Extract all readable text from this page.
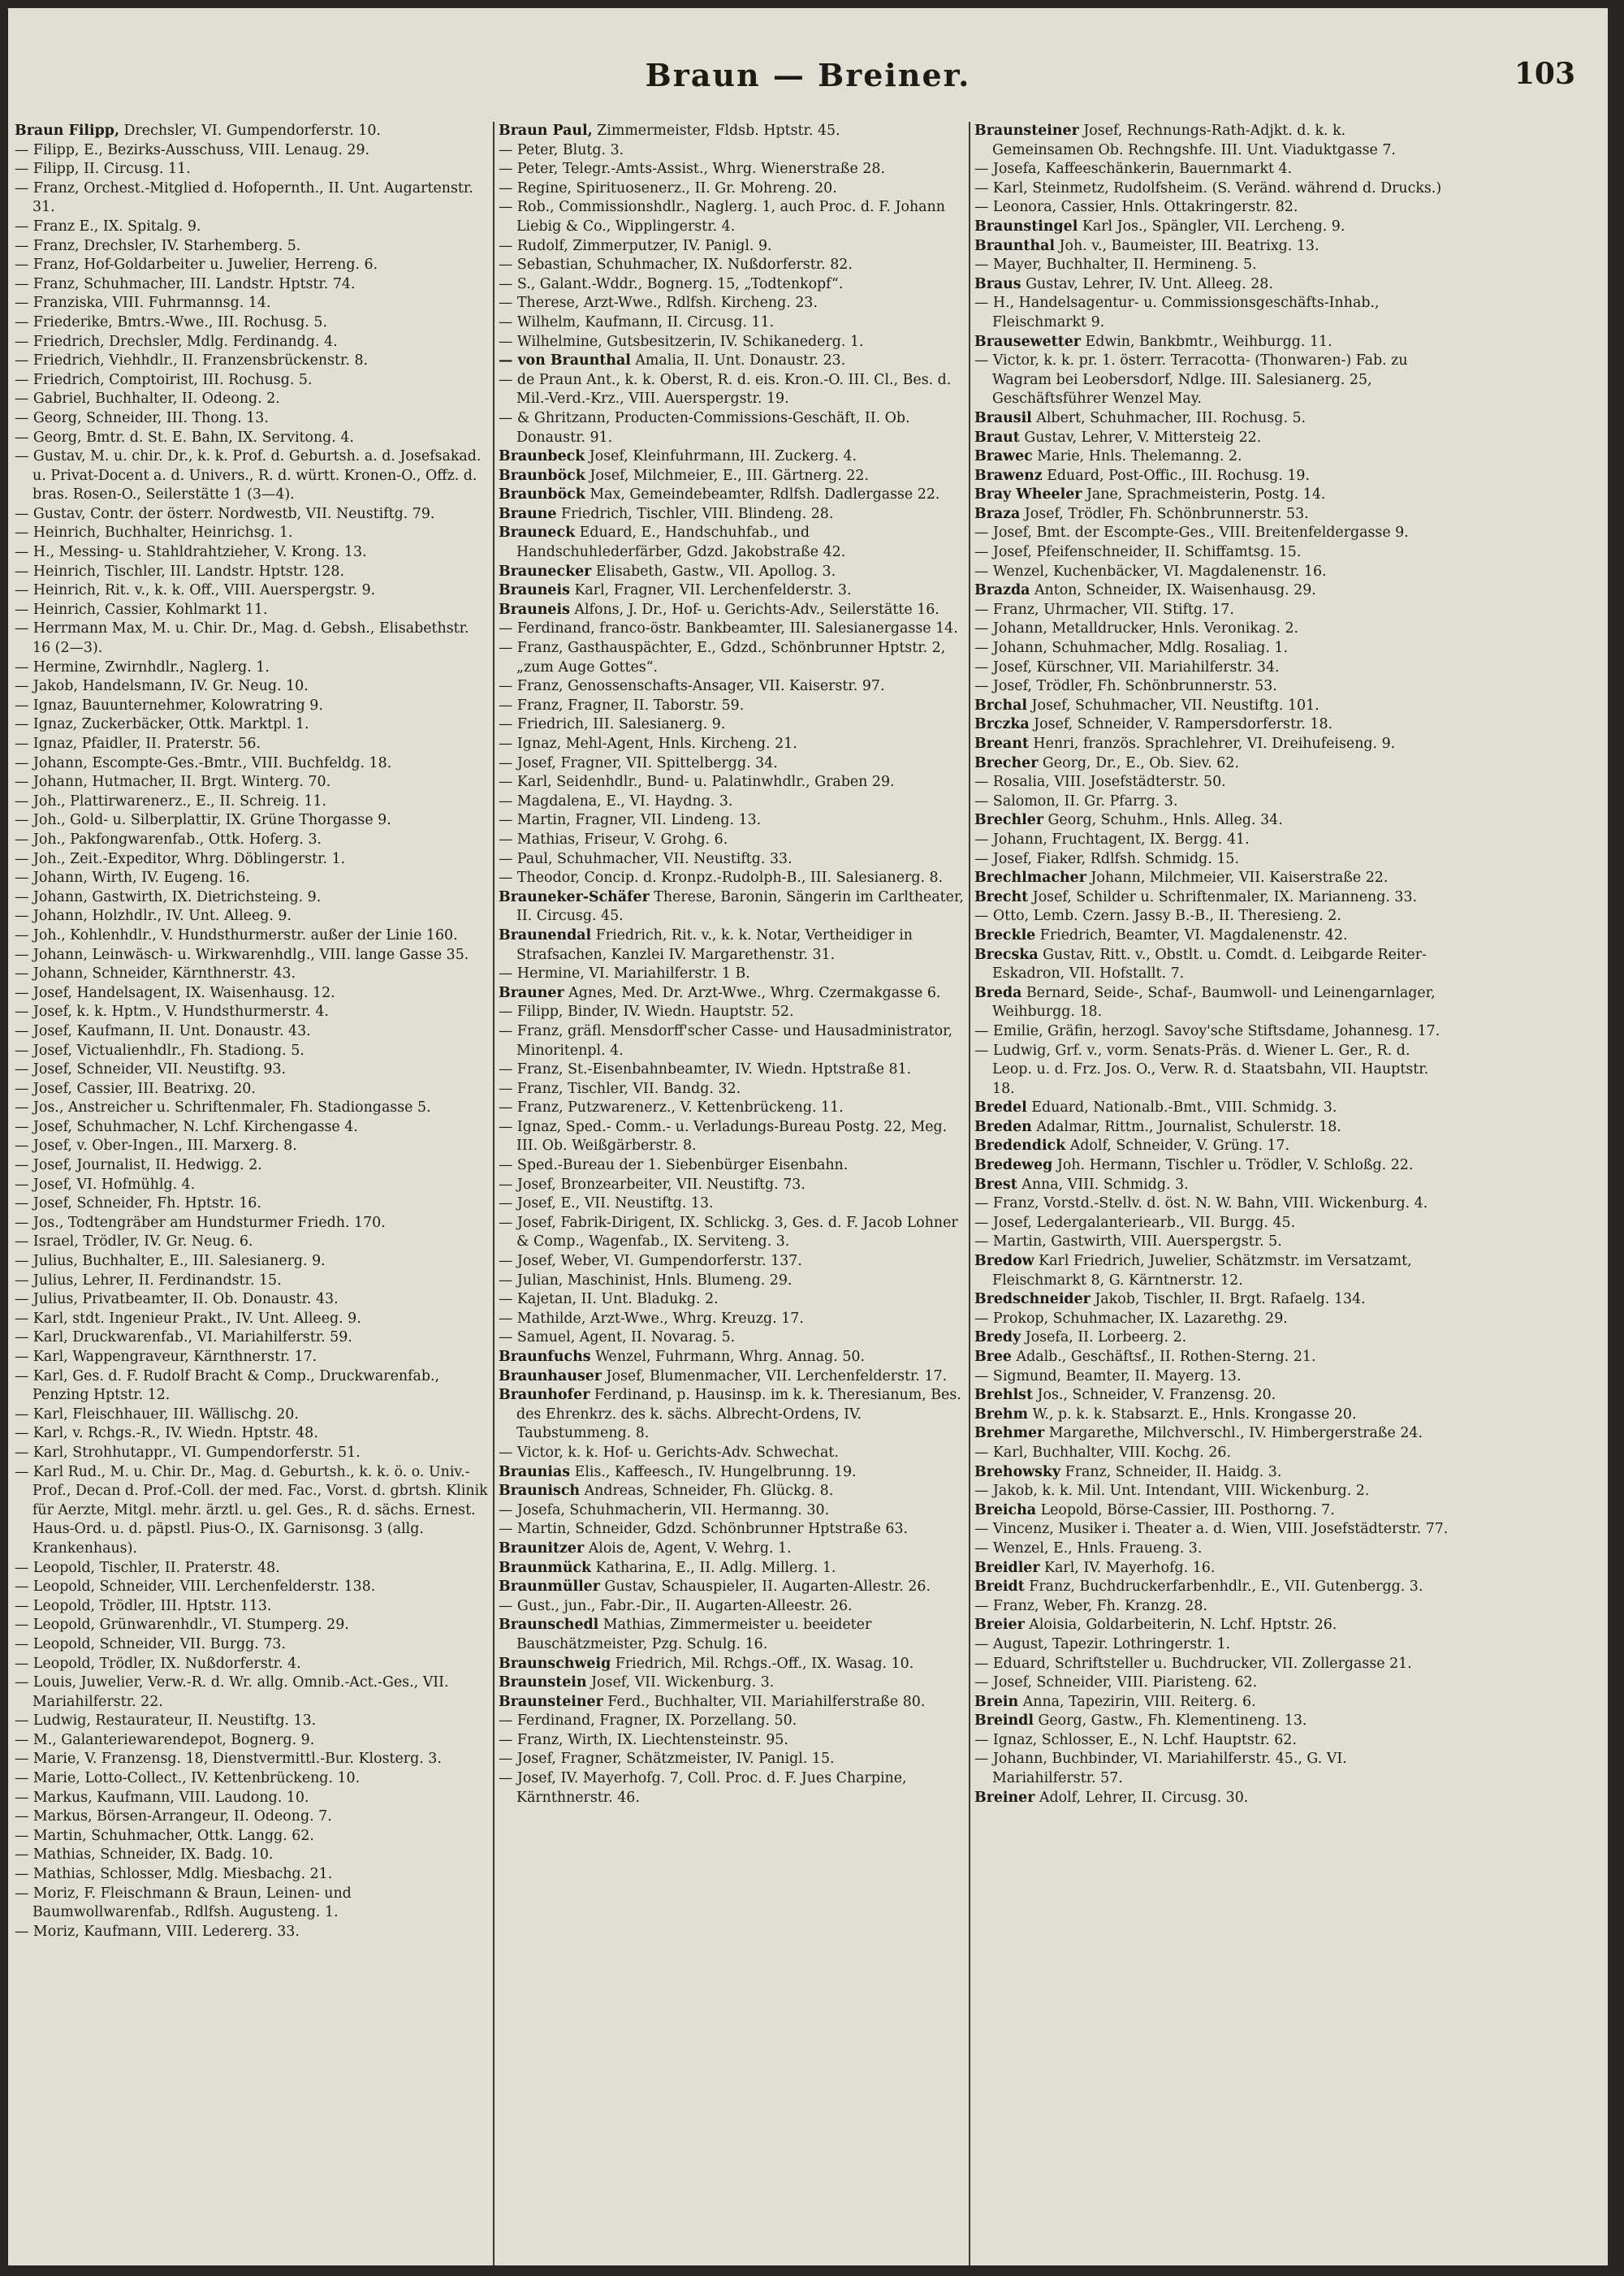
Braun — Breiner.	103

Braun Filipp, Drechsler, VI. Gumpendorferstr. 10.

— Filipp, E., Bezirks-Ausschuss, VIII. Lenaug. 29.

— Filipp, II. Circusg. 11.

— Franz, Orchest.-Mitglied d. Hofopernth., II. Unt. Augartenstr. 31.

— Franz E., IX. Spitalg. 9.

— Franz, Drechsler, IV. Starhemberg. 5.

— Franz, Hof-Goldarbeiter u. Juwelier, Herreng. 6.

— Franz, Schuhmacher, III. Landstr. Hptstr. 74.

— Franziska, VIII. Fuhrmannsg. 14.

— Friederike, Bmtrs.-Wwe., III. Rochusg. 5.

— Friedrich, Drechsler, Mdlg. Ferdinandg. 4.

— Friedrich, Viehhdlr., II. Franzensbrückenstr. 8.

— Friedrich, Comptoirist, III. Rochusg. 5.

— Gabriel, Buchhalter, II. Odeong. 2.

— Georg, Schneider, III. Thong. 13.

— Georg, Bmtr. d. St. E. Bahn, IX. Servitong. 4.

— Gustav, M. u. chir. Dr., k. k. Prof. d. Geburtsh. a. d. Josefsakad. u. Privat-Docent a. d. Univers., R. d. württ. Kronen-O., Offz. d. bras. Rosen-O., Seilerstätte 1 (3—4).

— Gustav, Contr. der österr. Nordwestb, VII. Neustiftg. 79.

— Heinrich, Buchhalter, Heinrichsg. 1.

— H., Messing- u. Stahldrahtzieher, V. Krong. 13.

— Heinrich, Tischler, III. Landstr. Hptstr. 128.

— Heinrich, Rit. v., k. k. Off., VIII. Auerspergstr. 9.

— Heinrich, Cassier, Kohlmarkt 11.

— Herrmann Max, M. u. Chir. Dr., Mag. d. Gebsh., Elisabethstr. 16 (2—3).

— Hermine, Zwirnhdlr., Naglerg. 1.

— Jakob, Handelsmann, IV. Gr. Neug. 10.

— Ignaz, Bauunternehmer, Kolowratring 9.

— Ignaz, Zuckerbäcker, Ottk. Marktpl. 1.

— Ignaz, Pfaidler, II. Praterstr. 56.

— Johann, Escompte-Ges.-Bmtr., VIII. Buchfeldg. 18.

— Johann, Hutmacher, II. Brgt. Winterg. 70.

— Joh., Plattirwarenerz., E., II. Schreig. 11.

— Joh., Gold- u. Silberplattir, IX. Grüne Thorgasse 9.

— Joh., Pakfongwarenfab., Ottk. Hoferg. 3.

— Joh., Zeit.-Expeditor, Whrg. Döblingerstr. 1.

— Johann, Wirth, IV. Eugeng. 16.

— Johann, Gastwirth, IX. Dietrichsteing. 9.

— Johann, Holzhdlr., IV. Unt. Alleeg. 9.

— Joh., Kohlenhdlr., V. Hundsthurmerstr. außer der Linie 160.

— Johann, Leinwäsch- u. Wirkwarenhdlg., VIII. lange Gasse 35.

— Johann, Schneider, Kärnthnerstr. 43.

— Josef, Handelsagent, IX. Waisenhausg. 12.

— Josef, k. k. Hptm., V. Hundsthurmerstr. 4.

— Josef, Kaufmann, II. Unt. Donaustr. 43.

— Josef, Victualienhdlr., Fh. Stadiong. 5.

— Josef, Schneider, VII. Neustiftg. 93.

— Josef, Cassier, III. Beatrixg. 20.

— Jos., Anstreicher u. Schriftenmaler, Fh. Stadiongasse 5.

— Josef, Schuhmacher, N. Lchf. Kirchengasse 4.

— Josef, v. Ober-Ingen., III. Marxerg. 8.

— Josef, Journalist, II. Hedwigg. 2.

— Josef, VI. Hofmühlg. 4.

— Josef, Schneider, Fh. Hptstr. 16.

— Jos., Todtengräber am Hundsturmer Friedh. 170.

— Israel, Trödler, IV. Gr. Neug. 6.

— Julius, Buchhalter, E., III. Salesianerg. 9.

— Julius, Lehrer, II. Ferdinandstr. 15.

— Julius, Privatbeamter, II. Ob. Donaustr. 43.

— Karl, stdt. Ingenieur Prakt., IV. Unt. Alleeg. 9.

— Karl, Druckwarenfab., VI. Mariahilferstr. 59.

— Karl, Wappengraveur, Kärnthnerstr. 17.

— Karl, Ges. d. F. Rudolf Bracht & Comp., Druckwarenfab., Penzing Hptstr. 12.

— Karl, Fleischhauer, III. Wällischg. 20.

— Karl, v. Rchgs.-R., IV. Wiedn. Hptstr. 48.

— Karl, Strohhutappr., VI. Gumpendorferstr. 51.

— Karl Rud., M. u. Chir. Dr., Mag. d. Geburtsh., k. k. ö. o. Univ.-Prof., Decan d. Prof.-Coll. der med. Fac., Vorst. d. gbrtsh. Klinik für Aerzte, Mitgl. mehr. ärztl. u. gel. Ges., R. d. sächs. Ernest. Haus-Ord. u. d. päpstl. Pius-O., IX. Garnisonsg. 3 (allg. Krankenhaus).

— Leopold, Tischler, II. Praterstr. 48.

— Leopold, Schneider, VIII. Lerchenfelderstr. 138.

— Leopold, Trödler, III. Hptstr. 113.

— Leopold, Grünwarenhdlr., VI. Stumperg. 29.

— Leopold, Schneider, VII. Burgg. 73.

— Leopold, Trödler, IX. Nußdorferstr. 4.

— Louis, Juwelier, Verw.-R. d. Wr. allg. Omnib.-Act.-Ges., VII. Mariahilferstr. 22.

— Ludwig, Restaurateur, II. Neustiftg. 13.

— M., Galanteriewarendepot, Bognerg. 9.

— Marie, V. Franzensg. 18, Dienstvermittl.-Bur. Klosterg. 3.

— Marie, Lotto-Collect., IV. Kettenbrückeng. 10.

— Markus, Kaufmann, VIII. Laudong. 10.

— Markus, Börsen-Arrangeur, II. Odeong. 7.

— Martin, Schuhmacher, Ottk. Langg. 62.

— Mathias, Schneider, IX. Badg. 10.

— Mathias, Schlosser, Mdlg. Miesbachg. 21.

— Moriz, F. Fleischmann & Braun, Leinen- und Baumwollwarenfab., Rdlfsh. Augusteng. 1.

— Moriz, Kaufmann, VIII. Ledererg. 33.

Braun Paul, Zimmermeister, Fldsb. Hptstr. 45.

— Peter, Blutg. 3.

— Peter, Telegr.-Amts-Assist., Whrg. Wienerstraße 28.

— Regine, Spirituosenerz., II. Gr. Mohreng. 20.

— Rob., Commissionshdlr., Naglerg. 1, auch Proc. d. F. Johann Liebig & Co., Wipplingerstr. 4.

— Rudolf, Zimmerputzer, IV. Panigl. 9.

— Sebastian, Schuhmacher, IX. Nußdorferstr. 82.

— S., Galant.-Wddr., Bognerg. 15, „Todtenkopf“.

— Therese, Arzt-Wwe., Rdlfsh. Kircheng. 23.

— Wilhelm, Kaufmann, II. Circusg. 11.

— Wilhelmine, Gutsbesitzerin, IV. Schikanederg. 1.

— von Braunthal Amalia, II. Unt. Donaustr. 23.

— de Praun Ant., k. k. Oberst, R. d. eis. Kron.-O. III. Cl., Bes. d. Mil.-Verd.-Krz., VIII. Auerspergstr. 19.

— & Ghritzann, Producten-Commissions-Geschäft, II. Ob. Donaustr. 91.

Braunbeck Josef, Kleinfuhrmann, III. Zuckerg. 4.

Braunböck Josef, Milchmeier, E., III. Gärtnerg. 22.

Braunböck Max, Gemeindebeamter, Rdlfsh. Dadlergasse 22.

Braune Friedrich, Tischler, VIII. Blindeng. 28.

Brauneck Eduard, E., Handschuhfab., und Handschuhlederfärber, Gdzd. Jakobstraße 42.

Braunecker Elisabeth, Gastw., VII. Apollog. 3.

Brauneis Karl, Fragner, VII. Lerchenfelderstr. 3.

Brauneis Alfons, J. Dr., Hof- u. Gerichts-Adv., Seilerstätte 16.

— Ferdinand, franco-östr. Bankbeamter, III. Salesianergasse 14.

— Franz, Gasthauspächter, E., Gdzd., Schönbrunner Hptstr. 2, „zum Auge Gottes“.

— Franz, Genossenschafts-Ansager, VII. Kaiserstr. 97.

— Franz, Fragner, II. Taborstr. 59.

— Friedrich, III. Salesianerg. 9.

— Ignaz, Mehl-Agent, Hnls. Kircheng. 21.

— Josef, Fragner, VII. Spittelbergg. 34.

— Karl, Seidenhdlr., Bund- u. Palatinwhdlr., Graben 29.

— Magdalena, E., VI. Haydng. 3.

— Martin, Fragner, VII. Lindeng. 13.

— Mathias, Friseur, V. Grohg. 6.

— Paul, Schuhmacher, VII. Neustiftg. 33.

— Theodor, Concip. d. Kronpz.-Rudolph-B., III. Salesianerg. 8.

Brauneker-Schäfer Therese, Baronin, Sängerin im Carltheater, II. Circusg. 45.

Braunendal Friedrich, Rit. v., k. k. Notar, Vertheidiger in Strafsachen, Kanzlei IV. Margarethenstr. 31.

— Hermine, VI. Mariahilferstr. 1 B.

Brauner Agnes, Med. Dr. Arzt-Wwe., Whrg. Czermakgasse 6.

— Filipp, Binder, IV. Wiedn. Hauptstr. 52.

— Franz, gräfl. Mensdorff'scher Casse- und Hausadministrator, Minoritenpl. 4.

— Franz, St.-Eisenbahnbeamter, IV. Wiedn. Hptstraße 81.

— Franz, Tischler, VII. Bandg. 32.

— Franz, Putzwarenerz., V. Kettenbrückeng. 11.

— Ignaz, Sped.- Comm.- u. Verladungs-Bureau Postg. 22, Meg. III. Ob. Weißgärberstr. 8.

— Sped.-Bureau der 1. Siebenbürger Eisenbahn.

— Josef, Bronzearbeiter, VII. Neustiftg. 73.

— Josef, E., VII. Neustiftg. 13.

— Josef, Fabrik-Dirigent, IX. Schlickg. 3, Ges. d. F. Jacob Lohner & Comp., Wagenfab., IX. Serviteng. 3.

— Josef, Weber, VI. Gumpendorferstr. 137.

— Julian, Maschinist, Hnls. Blumeng. 29.

— Kajetan, II. Unt. Bladukg. 2.

— Mathilde, Arzt-Wwe., Whrg. Kreuzg. 17.

— Samuel, Agent, II. Novarag. 5.

Braunfuchs Wenzel, Fuhrmann, Whrg. Annag. 50.

Braunhauser Josef, Blumenmacher, VII. Lerchenfelderstr. 17.

Braunhofer Ferdinand, p. Hausinsp. im k. k. Theresianum, Bes. des Ehrenkrz. des k. sächs. Albrecht-Ordens, IV. Taubstummeng. 8.

— Victor, k. k. Hof- u. Gerichts-Adv. Schwechat.

Braunias Elis., Kaffeesch., IV. Hungelbrunng. 19.

Braunisch Andreas, Schneider, Fh. Glückg. 8.

— Josefa, Schuhmacherin, VII. Hermanng. 30.

— Martin, Schneider, Gdzd. Schönbrunner Hptstraße 63.

Braunitzer Alois de, Agent, V. Wehrg. 1.

Braunmück Katharina, E., II. Adlg. Millerg. 1.

Braunmüller Gustav, Schauspieler, II. Augarten-Allestr. 26.

— Gust., jun., Fabr.-Dir., II. Augarten-Alleestr. 26.

Braunschedl Mathias, Zimmermeister u. beeideter Bauschätzmeister, Pzg. Schulg. 16.

Braunschweig Friedrich, Mil. Rchgs.-Off., IX. Wasag. 10.

Braunstein Josef, VII. Wickenburg. 3.

Braunsteiner Ferd., Buchhalter, VII. Mariahilferstraße 80.

— Ferdinand, Fragner, IX. Porzellang. 50.

— Franz, Wirth, IX. Liechtensteinstr. 95.

— Josef, Fragner, Schätzmeister, IV. Panigl. 15.

— Josef, IV. Mayerhofg. 7, Coll. Proc. d. F. Jues Charpine, Kärnthnerstr. 46.

Braunsteiner Josef, Rechnungs-Rath-Adjkt. d. k. k. Gemeinsamen Ob. Rechngshfe. III. Unt. Viaduktgasse 7.

— Josefa, Kaffeeschänkerin, Bauernmarkt 4.

— Karl, Steinmetz, Rudolfsheim. (S. Veränd. während d. Drucks.)

— Leonora, Cassier, Hnls. Ottakringerstr. 82.

Braunstingel Karl Jos., Spängler, VII. Lercheng. 9.

Braunthal Joh. v., Baumeister, III. Beatrixg. 13.

— Mayer, Buchhalter, II. Hermineng. 5.

Braus Gustav, Lehrer, IV. Unt. Alleeg. 28.

— H., Handelsagentur- u. Commissionsgeschäfts-Inhab., Fleischmarkt 9.

Brausewetter Edwin, Bankbmtr., Weihburgg. 11.

— Victor, k. k. pr. 1. österr. Terracotta- (Thonwaren-) Fab. zu Wagram bei Leobersdorf, Ndlge. III. Salesianerg. 25, Geschäftsführer Wenzel May.

Brausil Albert, Schuhmacher, III. Rochusg. 5.

Braut Gustav, Lehrer, V. Mittersteig 22.

Brawec Marie, Hnls. Thelemanng. 2.

Brawenz Eduard, Post-Offic., III. Rochusg. 19.

Bray Wheeler Jane, Sprachmeisterin, Postg. 14.

Braza Josef, Trödler, Fh. Schönbrunnerstr. 53.

— Josef, Bmt. der Escompte-Ges., VIII. Breitenfeldergasse 9.

— Josef, Pfeifenschneider, II. Schiffamtsg. 15.

— Wenzel, Kuchenbäcker, VI. Magdalenenstr. 16.

Brazda Anton, Schneider, IX. Waisenhausg. 29.

— Franz, Uhrmacher, VII. Stiftg. 17.

— Johann, Metalldrucker, Hnls. Veronikag. 2.

— Johann, Schuhmacher, Mdlg. Rosaliag. 1.

— Josef, Kürschner, VII. Mariahilferstr. 34.

— Josef, Trödler, Fh. Schönbrunnerstr. 53.

Brchal Josef, Schuhmacher, VII. Neustiftg. 101.

Brczka Josef, Schneider, V. Rampersdorferstr. 18.

Breant Henri, französ. Sprachlehrer, VI. Dreihufeiseng. 9.

Brecher Georg, Dr., E., Ob. Siev. 62.

— Rosalia, VIII. Josefstädterstr. 50.

— Salomon, II. Gr. Pfarrg. 3.

Brechler Georg, Schuhm., Hnls. Alleg. 34.

— Johann, Fruchtagent, IX. Bergg. 41.

— Josef, Fiaker, Rdlfsh. Schmidg. 15.

Brechlmacher Johann, Milchmeier, VII. Kaiserstraße 22.

Brecht Josef, Schilder u. Schriftenmaler, IX. Marianneng. 33.

— Otto, Lemb. Czern. Jassy B.-B., II. Theresieng. 2.

Breckle Friedrich, Beamter, VI. Magdalenenstr. 42.

Brecska Gustav, Ritt. v., Obstlt. u. Comdt. d. Leibgarde Reiter-Eskadron, VII. Hofstallt. 7.

Breda Bernard, Seide-, Schaf-, Baumwoll- und Leinengarnlager, Weihburgg. 18.

— Emilie, Gräfin, herzogl. Savoy'sche Stiftsdame, Johannesg. 17.

— Ludwig, Grf. v., vorm. Senats-Präs. d. Wiener L. Ger., R. d. Leop. u. d. Frz. Jos. O., Verw. R. d. Staatsbahn, VII. Hauptstr. 18.

Bredel Eduard, Nationalb.-Bmt., VIII. Schmidg. 3.

Breden Adalmar, Rittm., Journalist, Schulerstr. 18.

Bredendick Adolf, Schneider, V. Grüng. 17.

Bredeweg Joh. Hermann, Tischler u. Trödler, V. Schloßg. 22.

Brest Anna, VIII. Schmidg. 3.

— Franz, Vorstd.-Stellv. d. öst. N. W. Bahn, VIII. Wickenburg. 4.

— Josef, Ledergalanteriearb., VII. Burgg. 45.

— Martin, Gastwirth, VIII. Auerspergstr. 5.

Bredow Karl Friedrich, Juwelier, Schätzmstr. im Versatzamt, Fleischmarkt 8, G. Kärntnerstr. 12.

Bredschneider Jakob, Tischler, II. Brgt. Rafaelg. 134.

— Prokop, Schuhmacher, IX. Lazarethg. 29.

Bredy Josefa, II. Lorbeerg. 2.

Bree Adalb., Geschäftsf., II. Rothen-Sterng. 21.

— Sigmund, Beamter, II. Mayerg. 13.

Brehlst Jos., Schneider, V. Franzensg. 20.

Brehm W., p. k. k. Stabsarzt. E., Hnls. Krongasse 20.

Brehmer Margarethe, Milchverschl., IV. Himbergerstraße 24.

— Karl, Buchhalter, VIII. Kochg. 26.

Brehowsky Franz, Schneider, II. Haidg. 3.

— Jakob, k. k. Mil. Unt. Intendant, VIII. Wickenburg. 2.

Breicha Leopold, Börse-Cassier, III. Posthorng. 7.

— Vincenz, Musiker i. Theater a. d. Wien, VIII. Josefstädterstr. 77.

— Wenzel, E., Hnls. Fraueng. 3.

Breidler Karl, IV. Mayerhofg. 16.

Breidt Franz, Buchdruckerfarbenhdlr., E., VII. Gutenbergg. 3.

— Franz, Weber, Fh. Kranzg. 28.

Breier Aloisia, Goldarbeiterin, N. Lchf. Hptstr. 26.

— August, Tapezir. Lothringerstr. 1.

— Eduard, Schriftsteller u. Buchdrucker, VII. Zollergasse 21.

— Josef, Schneider, VIII. Piaristeng. 62.

Brein Anna, Tapezirin, VIII. Reiterg. 6.

Breindl Georg, Gastw., Fh. Klementineng. 13.

— Ignaz, Schlosser, E., N. Lchf. Hauptstr. 62.

— Johann, Buchbinder, VI. Mariahilferstr. 45., G. VI. Mariahilferstr. 57.

Breiner Adolf, Lehrer, II. Circusg. 30.
